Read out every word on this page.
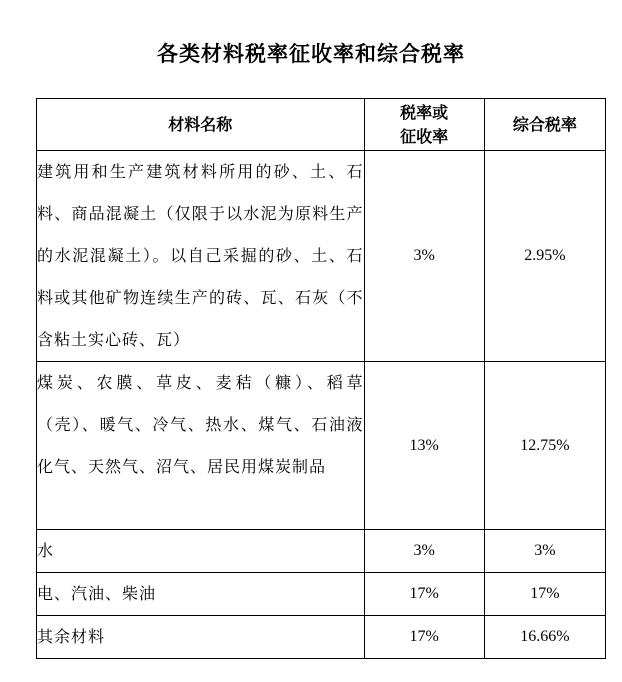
各类材料税率征收率和综合税率
材料名称	税率或征收率	综合税率
建筑用和生产建筑材料所用的砂、土、石料、商品混凝土（仅限于以水泥为原料生产的水泥混凝土）。以自己采掘的砂、土、石料或其他矿物连续生产的砖、瓦、石灰（不含粘土实心砖、瓦）	3%	2.95%
煤炭、农膜、草皮、麦秸（糠）、稻草（壳）、暖气、冷气、热水、煤气、石油液化气、天然气、沼气、居民用煤炭制品	13%	12.75%
水	3%	3%
电、汽油、柴油	17%	17%
其余材料	17%	16.66%
